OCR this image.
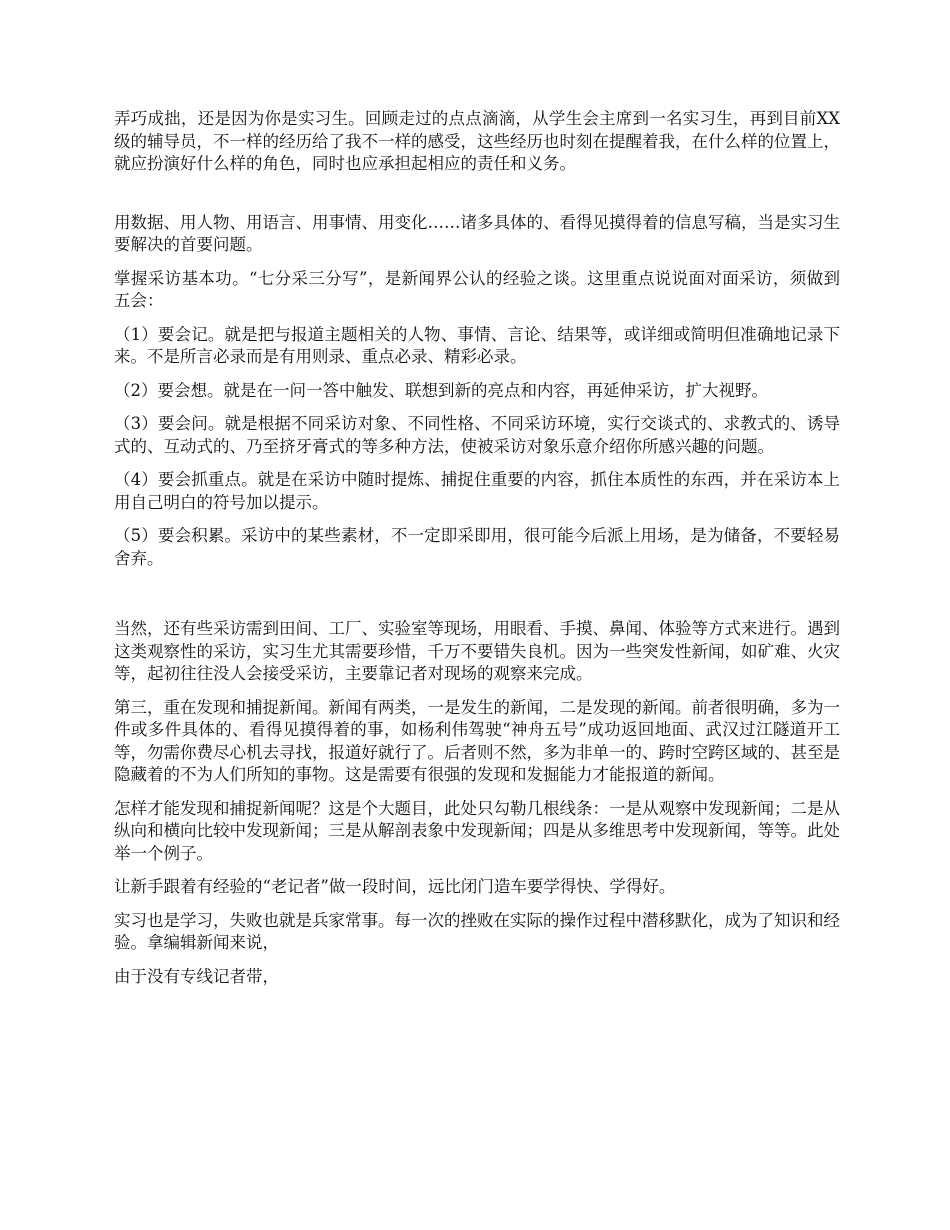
弄巧成拙，还是因为你是实习生。回顾走过的点点滴滴，从学生会主席到一名实习生，再到目前XX级的辅导员，不一样的经历给了我不一样的感受，这些经历也时刻在提醒着我，在什么样的位置上，就应扮演好什么样的角色，同时也应承担起相应的责任和义务。

用数据、用人物、用语言、用事情、用变化……诸多具体的、看得见摸得着的信息写稿，当是实习生要解决的首要问题。

掌握采访基本功。“七分采三分写”，是新闻界公认的经验之谈。这里重点说说面对面采访，须做到五会：

（1）要会记。就是把与报道主题相关的人物、事情、言论、结果等，或详细或简明但准确地记录下来。不是所言必录而是有用则录、重点必录、精彩必录。

（2）要会想。就是在一问一答中触发、联想到新的亮点和内容，再延伸采访，扩大视野。

（3）要会问。就是根据不同采访对象、不同性格、不同采访环境，实行交谈式的、求教式的、诱导式的、互动式的、乃至挤牙膏式的等多种方法，使被采访对象乐意介绍你所感兴趣的问题。

（4）要会抓重点。就是在采访中随时提炼、捕捉住重要的内容，抓住本质性的东西，并在采访本上用自己明白的符号加以提示。

（5）要会积累。采访中的某些素材，不一定即采即用，很可能今后派上用场，是为储备，不要轻易舍弃。

当然，还有些采访需到田间、工厂、实验室等现场，用眼看、手摸、鼻闻、体验等方式来进行。遇到这类观察性的采访，实习生尤其需要珍惜，千万不要错失良机。因为一些突发性新闻，如矿难、火灾等，起初往往没人会接受采访，主要靠记者对现场的观察来完成。

第三，重在发现和捕捉新闻。新闻有两类，一是发生的新闻，二是发现的新闻。前者很明确，多为一件或多件具体的、看得见摸得着的事，如杨利伟驾驶“神舟五号”成功返回地面、武汉过江隧道开工等，勿需你费尽心机去寻找，报道好就行了。后者则不然，多为非单一的、跨时空跨区域的、甚至是隐藏着的不为人们所知的事物。这是需要有很强的发现和发掘能力才能报道的新闻。

怎样才能发现和捕捉新闻呢？这是个大题目，此处只勾勒几根线条：一是从观察中发现新闻；二是从纵向和横向比较中发现新闻；三是从解剖表象中发现新闻；四是从多维思考中发现新闻，等等。此处举一个例子。

让新手跟着有经验的“老记者”做一段时间，远比闭门造车要学得快、学得好。

实习也是学习，失败也就是兵家常事。每一次的挫败在实际的操作过程中潜移默化，成为了知识和经验。拿编辑新闻来说，

由于没有专线记者带，
